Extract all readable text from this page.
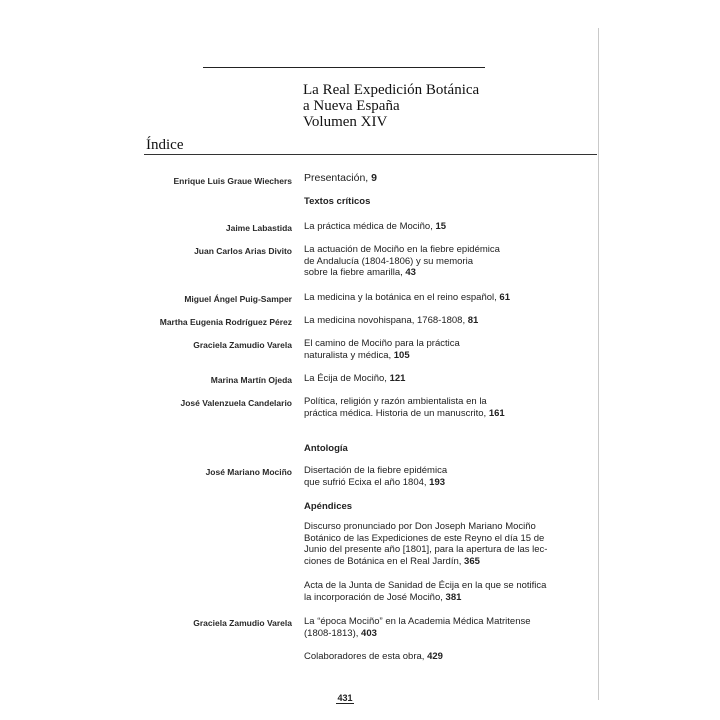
La Real Expedición Botánica
a Nueva España
Volumen XIV
Índice
Enrique Luis Graue Wiechers Presentación, 9
Textos críticos
Jaime Labastida La práctica médica de Mociño, 15
Juan Carlos Arias Divito La actuación de Mociño en la fiebre epidémica
de Andalucía (1804-1806) y su memoria
sobre la fiebre amarilla, 43
Miguel Ángel Puig-Samper La medicina y la botánica en el reino español, 61
Martha Eugenia Rodríguez Pérez La medicina novohispana, 1768-1808, 81
Graciela Zamudio Varela El camino de Mociño para la práctica
naturalista y médica, 105
Marina Martín Ojeda La Écija de Mociño, 121
José Valenzuela Candelario Política, religión y razón ambientalista en la
práctica médica. Historia de un manuscrito, 161
Antología
José Mariano Mociño Disertación de la fiebre epidémica
que sufrió Ecixa el año 1804, 193
Apéndices
Discurso pronunciado por Don Joseph Mariano Mociño
Botánico de las Expediciones de este Reyno el día 15 de
Junio del presente año [1801], para la apertura de las lec-
ciones de Botánica en el Real Jardín, 365
Acta de la Junta de Sanidad de Écija en la que se notifica
la incorporación de José Mociño, 381
Graciela Zamudio Varela La “época Mociño” en la Academia Médica Matritense
(1808-1813), 403
Colaboradores de esta obra, 429
431
